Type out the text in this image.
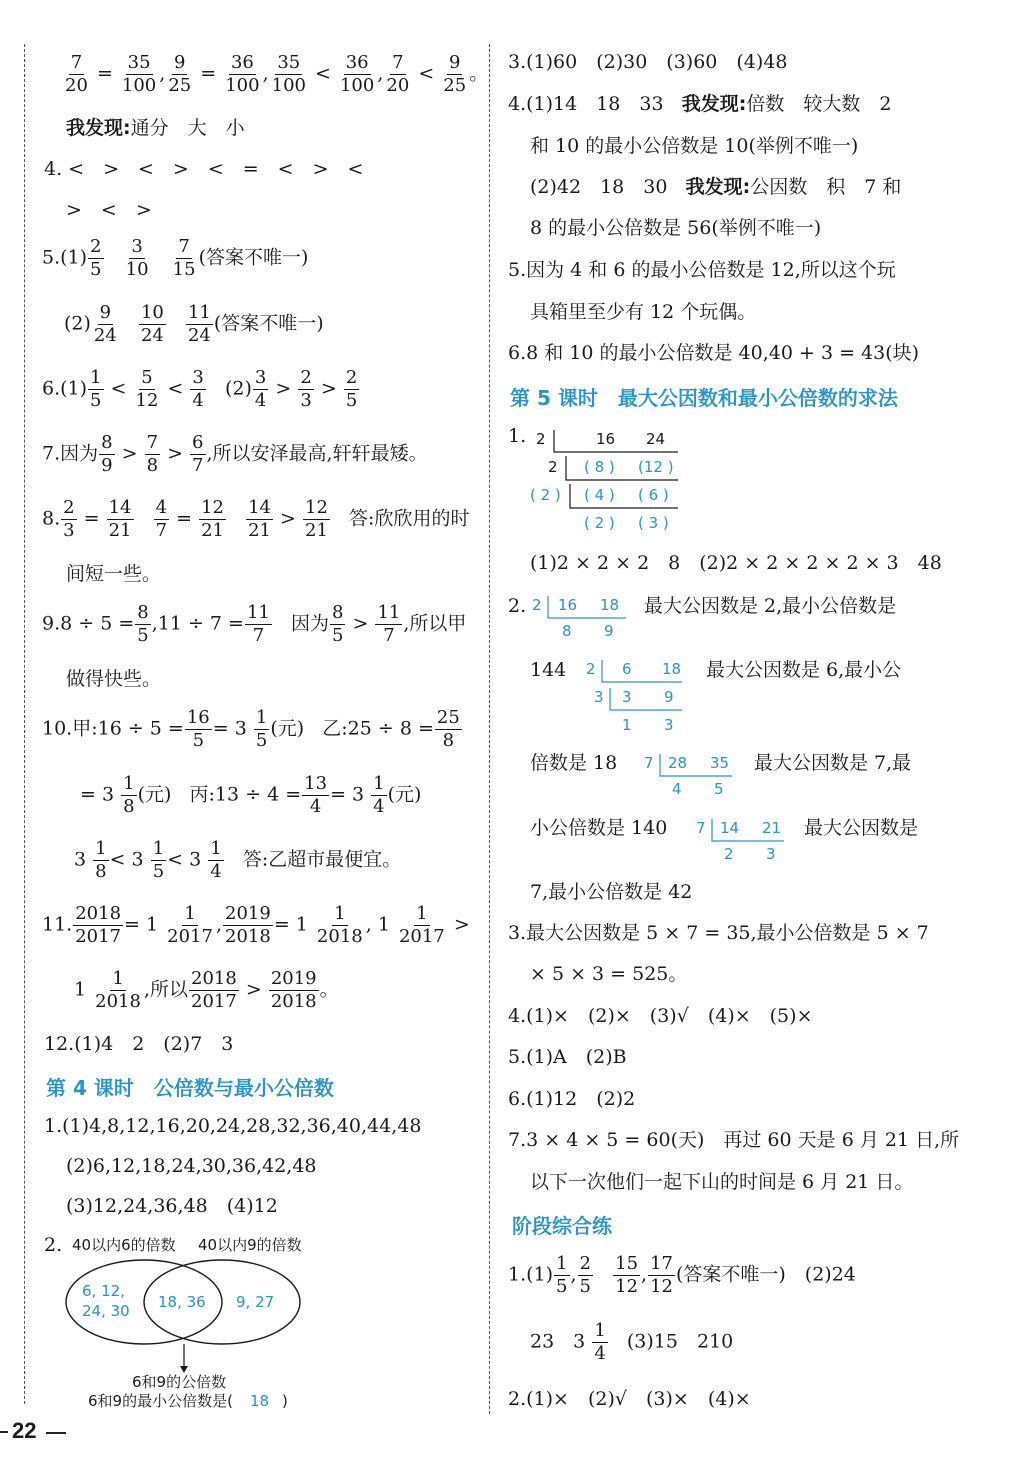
$\frac{7}{20} = \frac{35}{100}$ , $\frac{9}{25} = \frac{36}{100}$ , $\frac{35}{100} < \frac{36}{100}$ , $\frac{7}{20} < \frac{9}{25}$ 。
我发现:通分　大　小
4. <　>　<　>　<　=　<　>　<
>　<　>
$5.(1) \frac{2}{5}$
$\frac{3}{10}$
$\frac{7}{15}$ (答案不唯一)
$(2) \frac{9}{24}$
$\frac{10}{24}$
$\frac{11}{24}$ (答案不唯一)
$6.(1) \frac{1}{5} < \frac{5}{12} < \frac{3}{4} (2) \frac{3}{4} > \frac{2}{3} > \frac{2}{5}$
7.因为 $\frac{8}{9} > \frac{7}{8} > \frac{6}{7}$ ,所以安泽最高,轩轩最矮。
8. $\frac{2}{3} = \frac{14}{21}$
$\frac{4}{7} = \frac{12}{21}$
$\frac{14}{21} > \frac{12}{21}$ 答:欣欣用的时
间短一些。
$9.8 \div 5 = \frac{8}{5} ,11 \div 7 = \frac{11}{7}$ 因为 $\frac{8}{5} > \frac{11}{7}$ ,所以甲
做得快些。
10.甲:16 ÷ $5 = \frac{16}{5} = 3 \frac{1}{5}$ (元) 乙:25 ÷ $8 = \frac{25}{8}$
= $3 \frac{1}{8}$ (元) 丙:13 ÷ $4 = \frac{13}{4} = 3 \frac{1}{4}$ (元)
$3 \frac{1}{8} < 3 \frac{1}{5} < 3 \frac{1}{4}$ 答:乙超市最便宜。
11. $\frac{2018}{2017} = 1 \frac{1}{2017}$ , $\frac{2019}{2018} = 1 \frac{1}{2018}$ , $1 \frac{1}{2017}$ >
$1 \frac{1}{2018}$ ,所以 $\frac{2018}{2017} > \frac{2019}{2018}$ 。
12.(1)4　2　(2)7　3
第 4 课时　公倍数与最小公倍数
1.(1)4,8,12,16,20,24,28,32,36,40,44,48
(2)6,12,18,24,30,36,42,48
(3)12,24,36,48　(4)12
2. 40以内6的倍数 40以内9的倍数
6, 12,
24, 30 18, 36 9, 27
6和9的公倍数
6和9的最小公倍数是( 18 )
3.(1)60　(2)30　(3)60　(4)48
4.(1)14　18　33 我发现:倍数　较大数　2
和 10 的最小公倍数是 10(举例不唯一)
(2)42　18　30 我发现:公因数　积　7 和
8 的最小公倍数是 56(举例不唯一)
5.因为 4 和 6 的最小公倍数是 12,所以这个玩
具箱里至少有 12 个玩偶。
6.8 和 10 的最小公倍数是 40,40 + 3 = 43(块)
第 5 课时　最大公因数和最小公倍数的求法
1. 2	16 24
2 ( 8 ) (12 )
( 2 ) ( 4 ) ( 6 )
( 2 ) ( 3 )
(1)2 × 2 × 2　8　(2)2 × 2 × 2 × 2 × 3　48
2. 2 16 18
8 9
最大公因数是 2,最小公倍数是
144 2 6 18
3 3 9
1 3
最大公因数是 6,最小公
倍数是 18 7 28 35
4 5
最大公因数是 7,最
小公倍数是 140 7 14 21
2 3
最大公因数是
7,最小公倍数是 42
3.最大公因数是 5 × 7 = 35,最小公倍数是 5 × 7
× 5 × 3 = 525。
4.(1)×　(2)×　(3)√　(4)×　(5)×
5.(1)A　(2)B
6.(1)12　(2)2
7.3 × 4 × 5 = 60(天)　再过 60 天是 6 月 21 日,所
以下一次他们一起下山的时间是 6 月 21 日。
阶段综合练
$1.(1) \frac{1}{5}$ , $\frac{2}{5}$
$\frac{15}{12}$ , $\frac{17}{12}$ (答案不唯一)　(2)24
23　$3 \frac{1}{4} (3)15$　210
2.(1)×　(2)√　(3)×　(4)×
22
